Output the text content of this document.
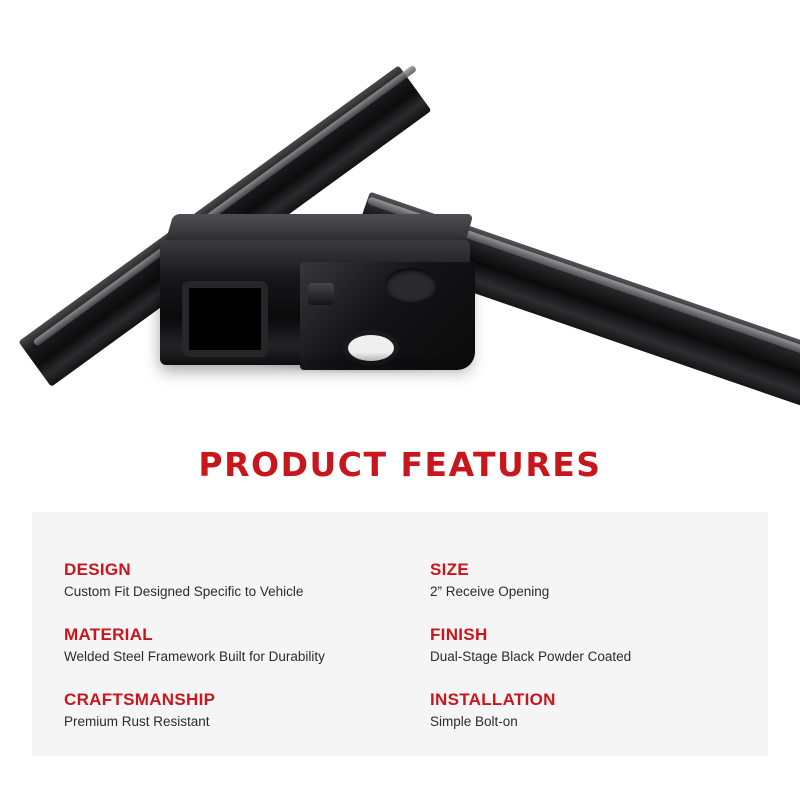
PRODUCT FEATURES

DESIGN

Custom Fit Designed Specific to Vehicle

MATERIAL

Welded Steel Framework Built for Durability

CRAFTSMANSHIP

Premium Rust Resistant

SIZE

2” Receive Opening

FINISH

Dual-Stage Black Powder Coated

INSTALLATION

Simple Bolt-on
